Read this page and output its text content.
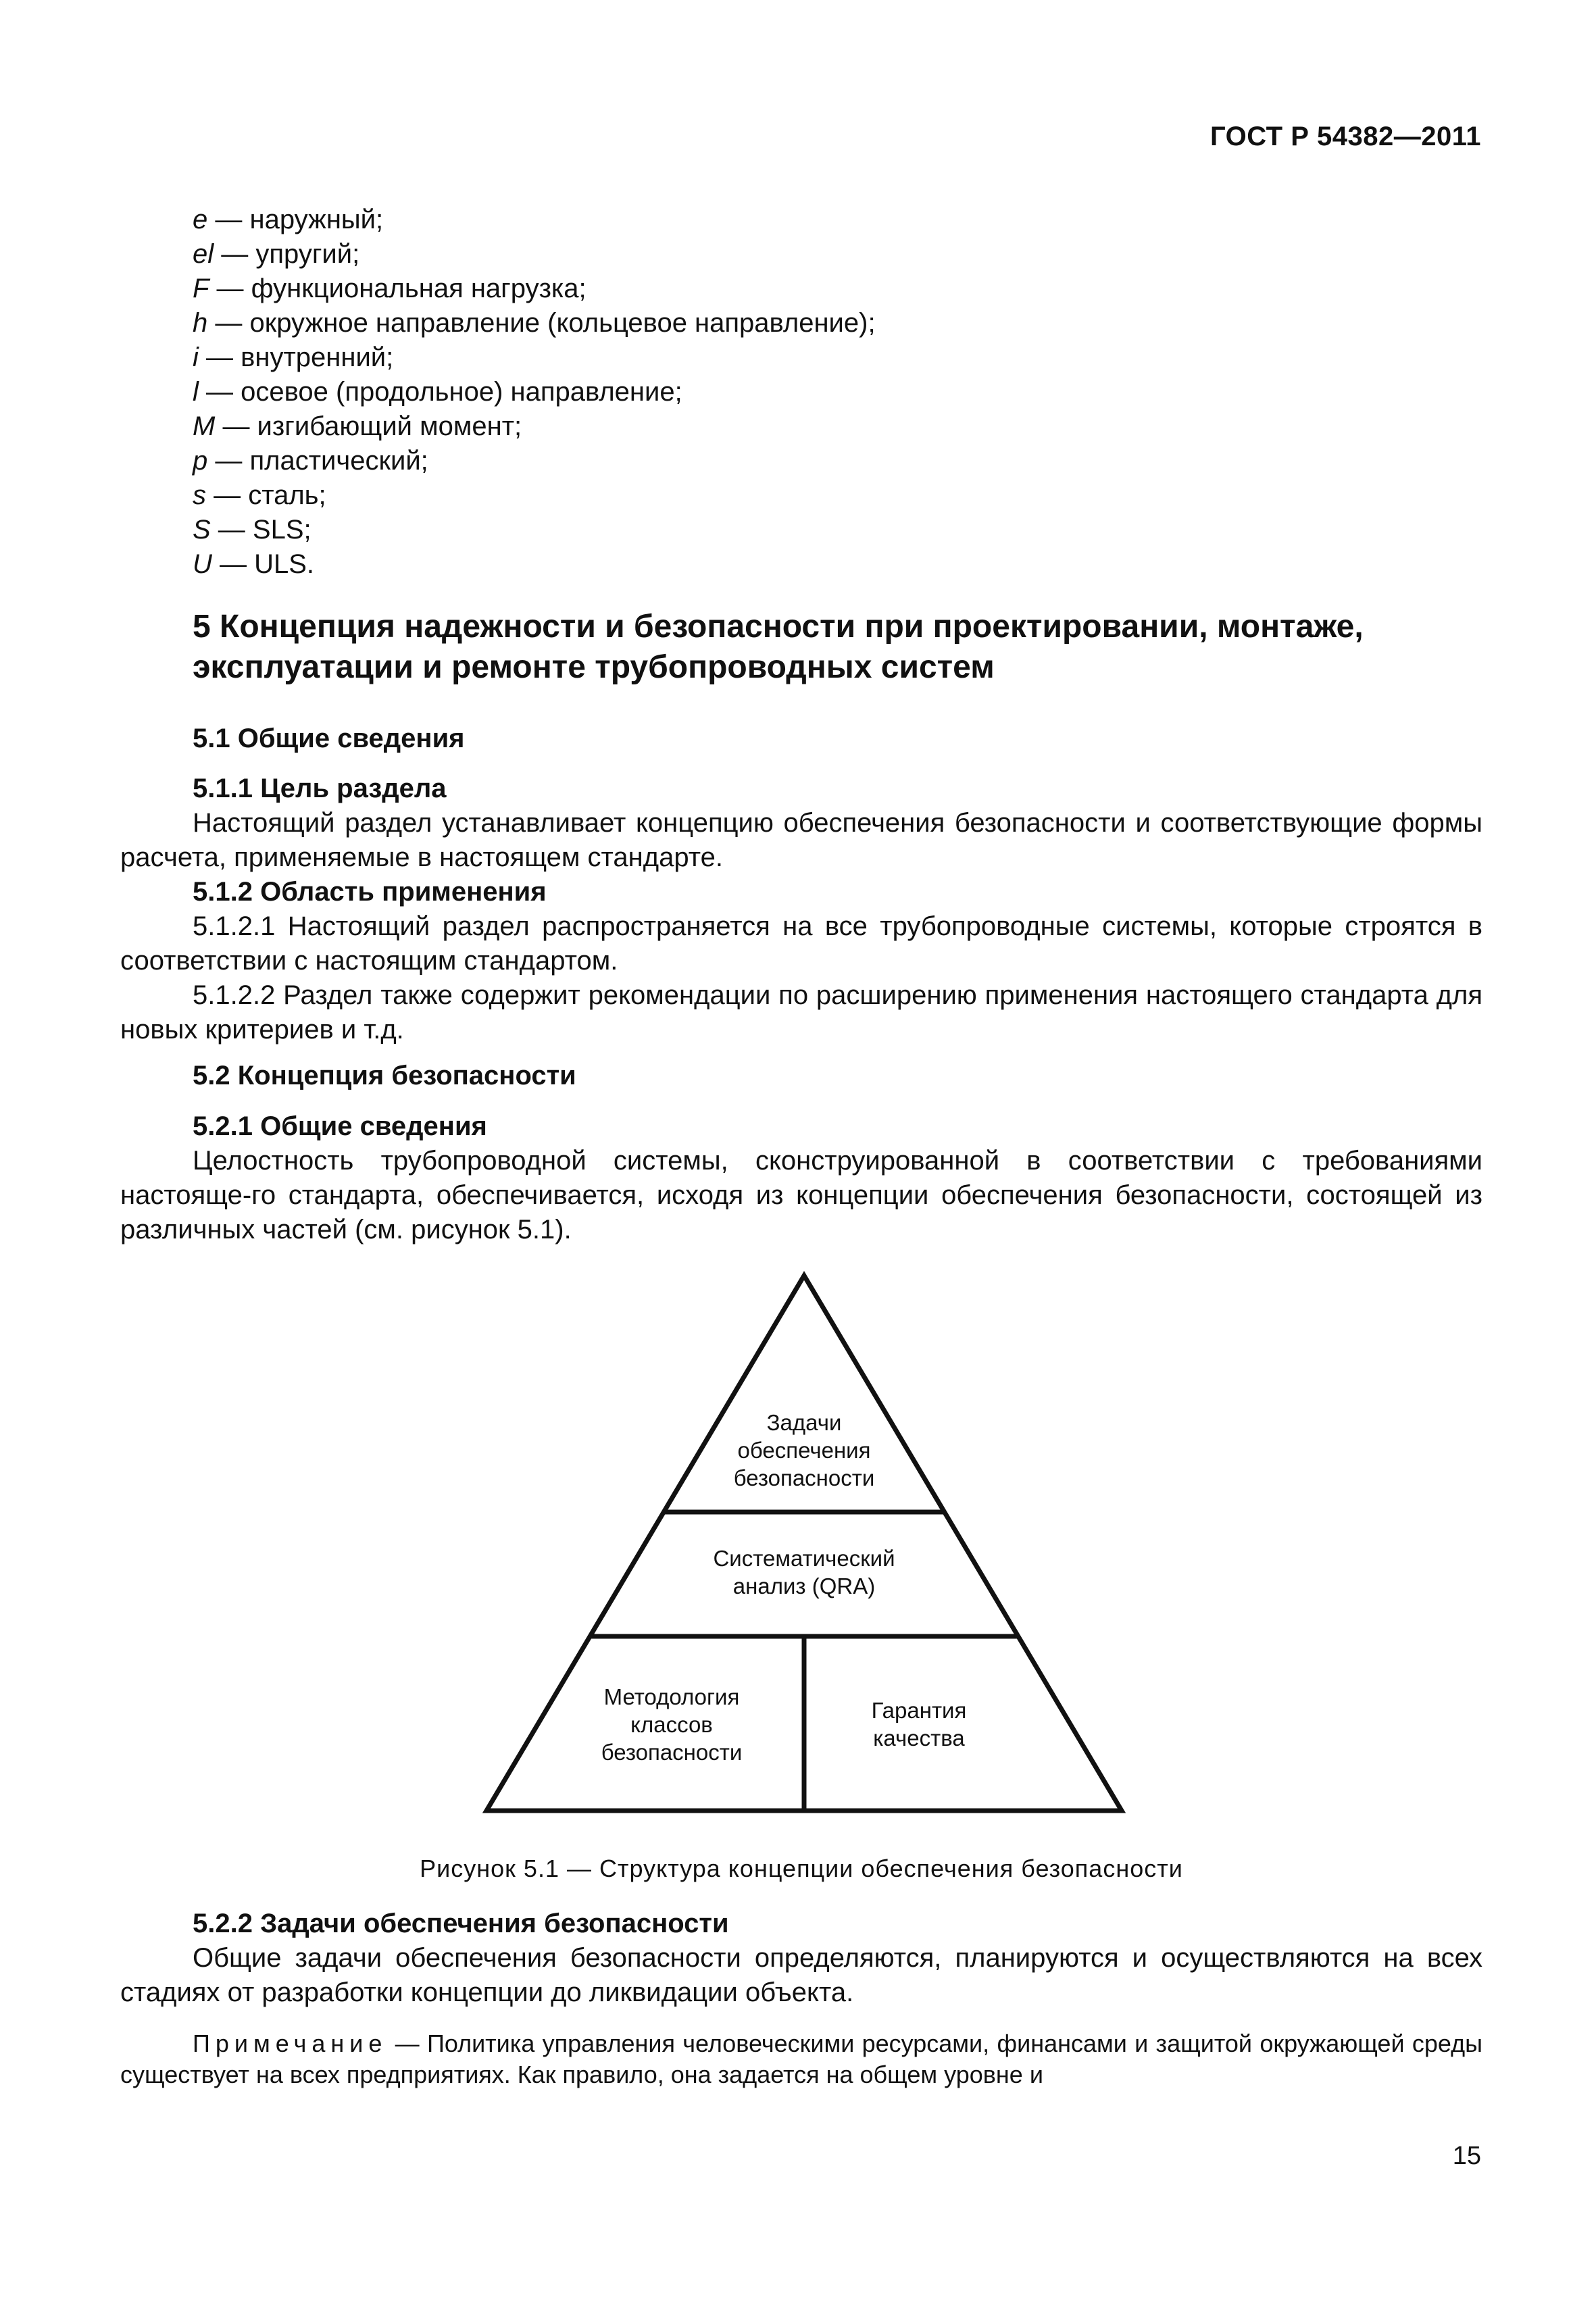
ГОСТ Р 54382—2011
e — наружный;
el — упругий;
F — функциональная нагрузка;
h — окружное направление (кольцевое направление);
i — внутренний;
l — осевое (продольное) направление;
M — изгибающий момент;
p — пластический;
s — сталь;
S — SLS;
U — ULS.
5 Концепция надежности и безопасности при проектировании, монтаже, эксплуатации и ремонте трубопроводных систем
5.1 Общие сведения
5.1.1 Цель раздела
Настоящий раздел устанавливает концепцию обеспечения безопасности и соответствующие формы расчета, применяемые в настоящем стандарте.
5.1.2 Область применения
5.1.2.1 Настоящий раздел распространяется на все трубопроводные системы, которые строятся в соответствии с настоящим стандартом.
5.1.2.2 Раздел также содержит рекомендации по расширению применения настоящего стандарта для новых критериев и т.д.
5.2 Концепция безопасности
5.2.1 Общие сведения
Целостность трубопроводной системы, сконструированной в соответствии с требованиями настояще-го стандарта, обеспечивается, исходя из концепции обеспечения безопасности, состоящей из различных частей (см. рисунок 5.1).
Задачи
обеспечения
безопасности
Систематический
анализ (QRA)
Методология
классов
безопасности
Гарантия
качества
Рисунок 5.1 — Структура концепции обеспечения безопасности
5.2.2 Задачи обеспечения безопасности
Общие задачи обеспечения безопасности определяются, планируются и осуществляются на всех стадиях от разработки концепции до ликвидации объекта.
Примечание — Политика управления человеческими ресурсами, финансами и защитой окружающей среды существует на всех предприятиях. Как правило, она задается на общем уровне и
15
